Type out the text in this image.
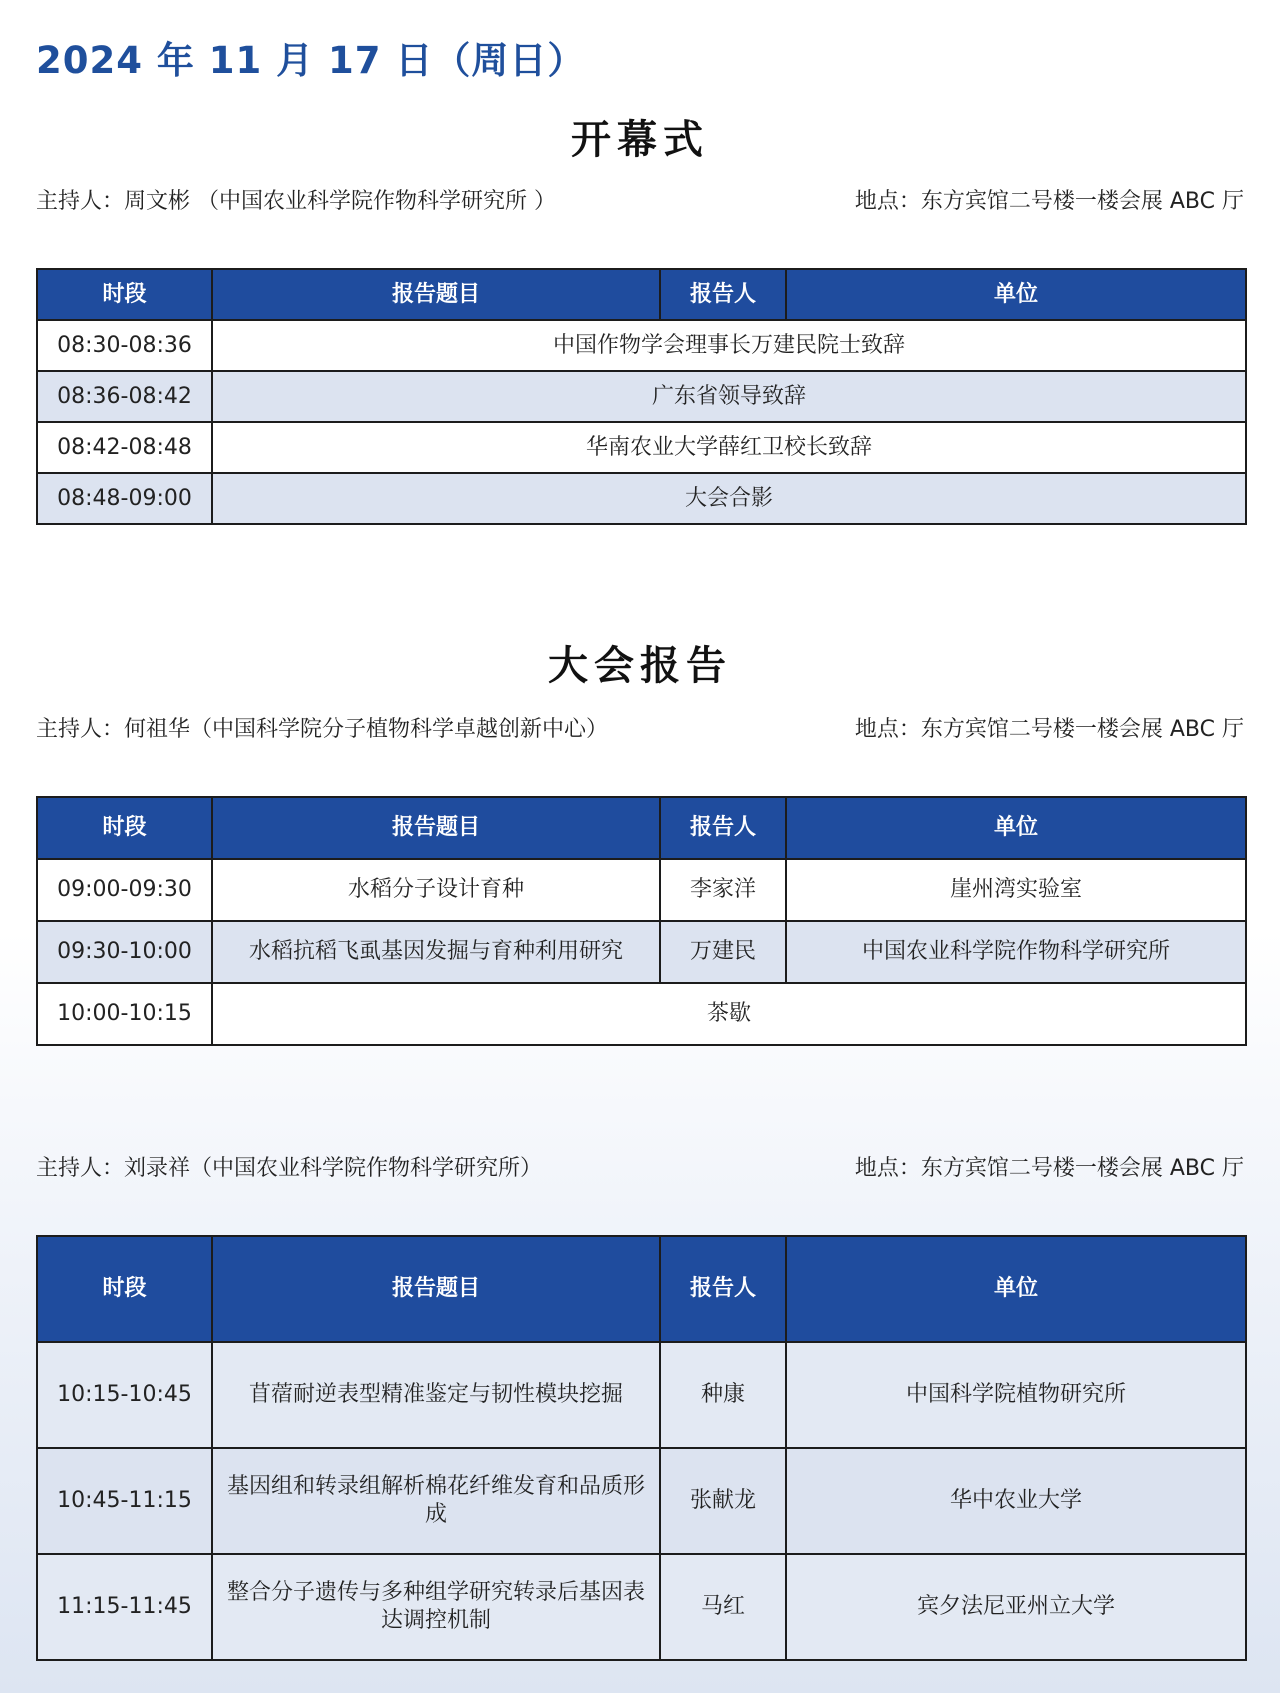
2024 年 11 月 17 日（周日）
开幕式
主持人：周文彬 （中国农业科学院作物科学研究所 ）	地点：东方宾馆二号楼一楼会展 ABC 厅
时段	报告题目	报告人	单位
08:30-08:36	中国作物学会理事长万建民院士致辞		
08:36-08:42	广东省领导致辞		
08:42-08:48	华南农业大学薛红卫校长致辞		
08:48-09:00	大会合影		
大会报告
主持人：何祖华（中国科学院分子植物科学卓越创新中心）	地点：东方宾馆二号楼一楼会展 ABC 厅
时段	报告题目	报告人	单位
09:00-09:30	水稻分子设计育种	李家洋	崖州湾实验室
09:30-10:00	水稻抗稻飞虱基因发掘与育种利用研究	万建民	中国农业科学院作物科学研究所
10:00-10:15	茶歇		
主持人：刘录祥（中国农业科学院作物科学研究所）	地点：东方宾馆二号楼一楼会展 ABC 厅
时段	报告题目	报告人	单位
10:15-10:45	苜蓿耐逆表型精准鉴定与韧性模块挖掘	种康	中国科学院植物研究所
10:45-11:15	基因组和转录组解析棉花纤维发育和品质形成	张献龙	华中农业大学
11:15-11:45	整合分子遗传与多种组学研究转录后基因表达调控机制	马红	宾夕法尼亚州立大学
